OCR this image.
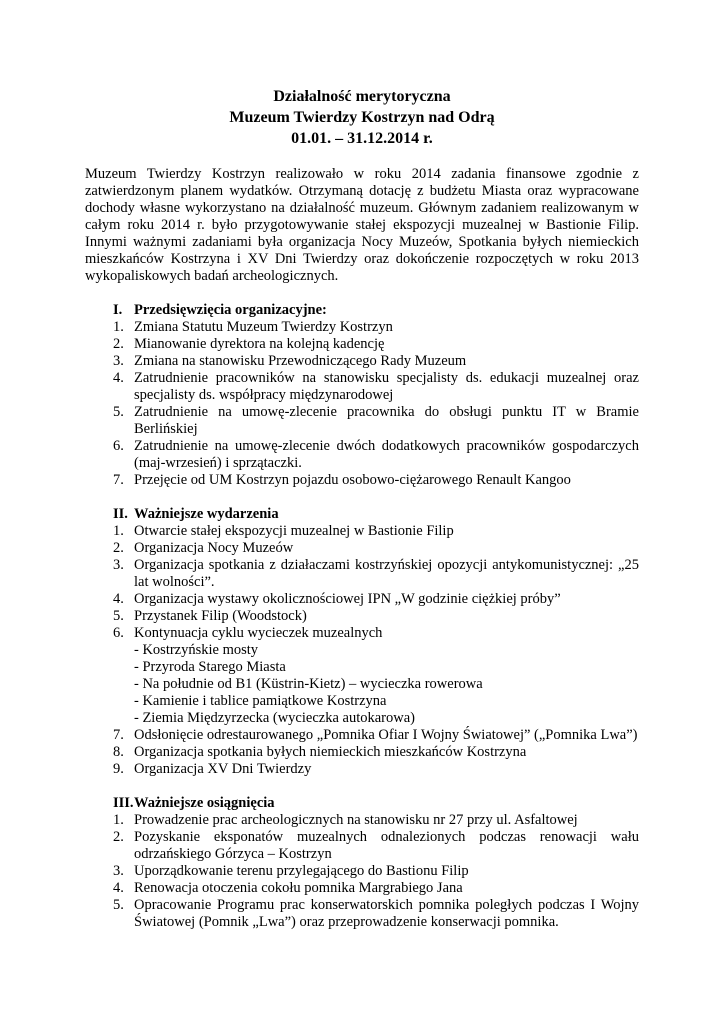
Działalność merytoryczna
Muzeum Twierdzy Kostrzyn nad Odrą
01.01. – 31.12.2014 r.

Muzeum Twierdzy Kostrzyn realizowało w roku 2014 zadania finansowe zgodnie z zatwierdzonym planem wydatków. Otrzymaną dotację z budżetu Miasta oraz wypracowane dochody własne wykorzystano na działalność muzeum. Głównym zadaniem realizowanym w całym roku 2014 r. było przygotowywanie stałej ekspozycji muzealnej w Bastionie Filip. Innymi ważnymi zadaniami była organizacja Nocy Muzeów, Spotkania byłych niemieckich mieszkańców Kostrzyna i XV Dni Twierdzy oraz dokończenie rozpoczętych w roku 2013 wykopaliskowych badań archeologicznych.

I. Przedsięwzięcia organizacyjne:
1. Zmiana Statutu Muzeum Twierdzy Kostrzyn
2. Mianowanie dyrektora na kolejną kadencję
3. Zmiana na stanowisku Przewodniczącego Rady Muzeum
4. Zatrudnienie pracowników na stanowisku specjalisty ds. edukacji muzealnej oraz specjalisty ds. współpracy międzynarodowej
5. Zatrudnienie na umowę-zlecenie pracownika do obsługi punktu IT w Bramie Berlińskiej
6. Zatrudnienie na umowę-zlecenie dwóch dodatkowych pracowników gospodarczych (maj-wrzesień) i sprzątaczki.
7. Przejęcie od UM Kostrzyn pojazdu osobowo-ciężarowego Renault Kangoo
II. Ważniejsze wydarzenia
1. Otwarcie stałej ekspozycji muzealnej w Bastionie Filip
2. Organizacja Nocy Muzeów
3. Organizacja spotkania z działaczami kostrzyńskiej opozycji antykomunistycznej: „25 lat wolności”.
4. Organizacja wystawy okolicznościowej IPN „W godzinie ciężkiej próby”
5. Przystanek Filip (Woodstock)
6. Kontynuacja cyklu wycieczek muzealnych
- Kostrzyńskie mosty
- Przyroda Starego Miasta
- Na południe od B1 (Küstrin-Kietz) – wycieczka rowerowa
- Kamienie i tablice pamiątkowe Kostrzyna
- Ziemia Międzyrzecka (wycieczka autokarowa)
7. Odsłonięcie odrestaurowanego „Pomnika Ofiar I Wojny Światowej” („Pomnika Lwa”)
8. Organizacja spotkania byłych niemieckich mieszkańców Kostrzyna
9. Organizacja XV Dni Twierdzy
III. Ważniejsze osiągnięcia
1. Prowadzenie prac archeologicznych na stanowisku nr 27 przy ul. Asfaltowej
2. Pozyskanie eksponatów muzealnych odnalezionych podczas renowacji wału odrzańskiego Górzyca – Kostrzyn
3. Uporządkowanie terenu przylegającego do Bastionu Filip
4. Renowacja otoczenia cokołu pomnika Margrabiego Jana
5. Opracowanie Programu prac konserwatorskich pomnika poległych podczas I Wojny Światowej (Pomnik „Lwa”) oraz przeprowadzenie konserwacji pomnika.
